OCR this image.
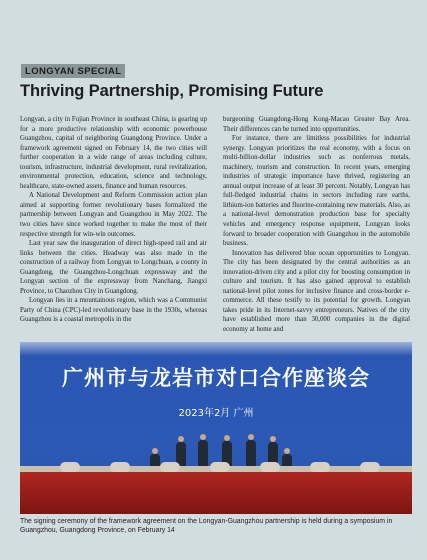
LONGYAN SPECIAL
Thriving Partnership, Promising Future

Longyan, a city in Fujian Province in southeast China, is gearing up for a more productive relationship with economic powerhouse Guangzhou, capital of neighboring Guangdong Province. Under a framework agreement signed on February 14, the two cities will further cooperation in a wide range of areas including culture, tourism, infrastructure, industrial development, rural revitalization, environmental protection, education, science and technology, healthcare, state-owned assets, finance and human resources.

A National Development and Reform Commission action plan aimed at supporting former revolutionary bases formalized the partnership between Longyan and Guangzhou in May 2022. The two cities have since worked together to make the most of their respective strength for win-win outcomes.

Last year saw the inauguration of direct high-speed rail and air links between the cities. Headway was also made in the construction of a railway from Longyan to Longchuan, a county in Guangdong, the Guangzhou-Longchuan expressway and the Longyan section of the expressway from Nanchang, Jiangxi Province, to Chaozhou City in Guangdong.

Longyan lies in a mountainous region, which was a Communist Party of China (CPC)-led revolutionary base in the 1930s, whereas Guangzhou is a coastal metropolis in the

burgeoning Guangdong-Hong Kong-Macao Greater Bay Area. Their differences can be turned into opportunities.

For instance, there are limitless possibilities for industrial synergy. Longyan prioritizes the real economy, with a focus on multi-billion-dollar industries such as nonferrous metals, machinery, tourism and construction. In recent years, emerging industries of strategic importance have thrived, registering an annual output increase of at least 30 percent. Notably, Longyan has full-fledged industrial chains in sectors including rare earths, lithium-ion batteries and fluorine-containing new materials. Also, as a national-level demonstration production base for specialty vehicles and emergency response equipment, Longyan looks forward to broader cooperation with Guangzhou in the automobile business.

Innovation has delivered blue ocean opportunities to Longyan. The city has been designated by the central authorities as an innovation-driven city and a pilot city for boosting consumption in culture and tourism. It has also gained approval to establish national-level pilot zones for inclusive finance and cross-border e-commerce. All these testify to its potential for growth. Longyan takes pride in its Internet-savvy entrepreneurs. Natives of the city have established more than 30,000 companies in the digital economy at home and

广州市与龙岩市对口合作座谈会
2023年2月 广州
The signing ceremony of the framework agreement on the Longyan-Guangzhou partnership is held during a symposium in Guangzhou, Guangdong Province, on February 14
